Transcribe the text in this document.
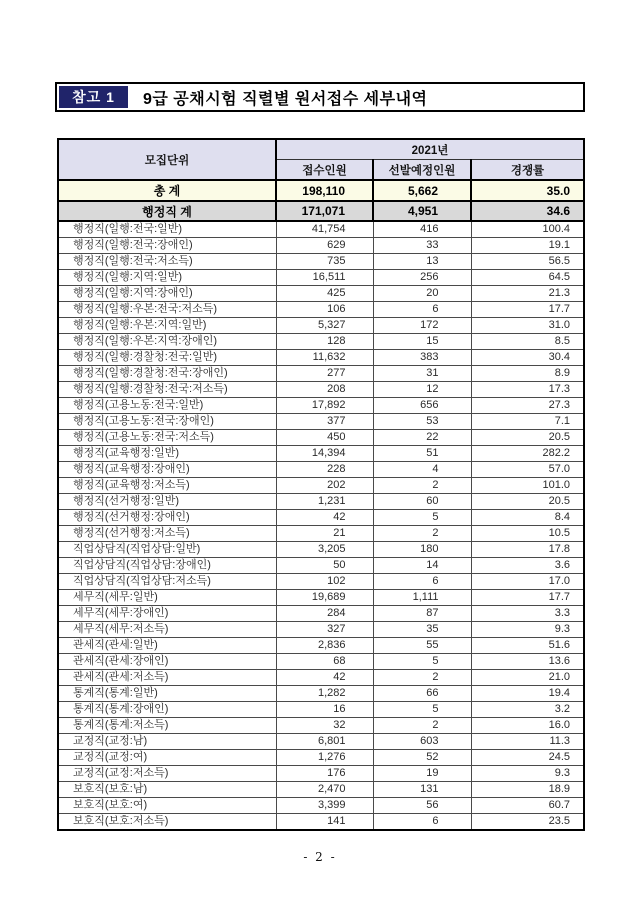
참고 1	9급 공채시험 직렬별 원서접수 세부내역
모집단위	2021년		
	접수인원	선발예정인원	경쟁률
총 계	198,110	5,662	35.0
행정직 계	171,071	4,951	34.6
행정직(일행:전국:일반)	41,754	416	100.4
행정직(일행:전국:장애인)	629	33	19.1
행정직(일행:전국:저소득)	735	13	56.5
행정직(일행:지역:일반)	16,511	256	64.5
행정직(일행:지역:장애인)	425	20	21.3
행정직(일행:우본:전국:저소득)	106	6	17.7
행정직(일행:우본:지역:일반)	5,327	172	31.0
행정직(일행:우본:지역:장애인)	128	15	8.5
행정직(일행:경찰청:전국:일반)	11,632	383	30.4
행정직(일행:경찰청:전국:장애인)	277	31	8.9
행정직(일행:경찰청:전국:저소득)	208	12	17.3
행정직(고용노동:전국:일반)	17,892	656	27.3
행정직(고용노동:전국:장애인)	377	53	7.1
행정직(고용노동:전국:저소득)	450	22	20.5
행정직(교육행정:일반)	14,394	51	282.2
행정직(교육행정:장애인)	228	4	57.0
행정직(교육행정:저소득)	202	2	101.0
행정직(선거행정:일반)	1,231	60	20.5
행정직(선거행정:장애인)	42	5	8.4
행정직(선거행정:저소득)	21	2	10.5
직업상담직(직업상담:일반)	3,205	180	17.8
직업상담직(직업상담:장애인)	50	14	3.6
직업상담직(직업상담:저소득)	102	6	17.0
세무직(세무:일반)	19,689	1,111	17.7
세무직(세무:장애인)	284	87	3.3
세무직(세무:저소득)	327	35	9.3
관세직(관세:일반)	2,836	55	51.6
관세직(관세:장애인)	68	5	13.6
관세직(관세:저소득)	42	2	21.0
통계직(통계:일반)	1,282	66	19.4
통계직(통계:장애인)	16	5	3.2
통계직(통계:저소득)	32	2	16.0
교정직(교정:남)	6,801	603	11.3
교정직(교정:여)	1,276	52	24.5
교정직(교정:저소득)	176	19	9.3
보호직(보호:남)	2,470	131	18.9
보호직(보호:여)	3,399	56	60.7
보호직(보호:저소득)	141	6	23.5
- 2 -
